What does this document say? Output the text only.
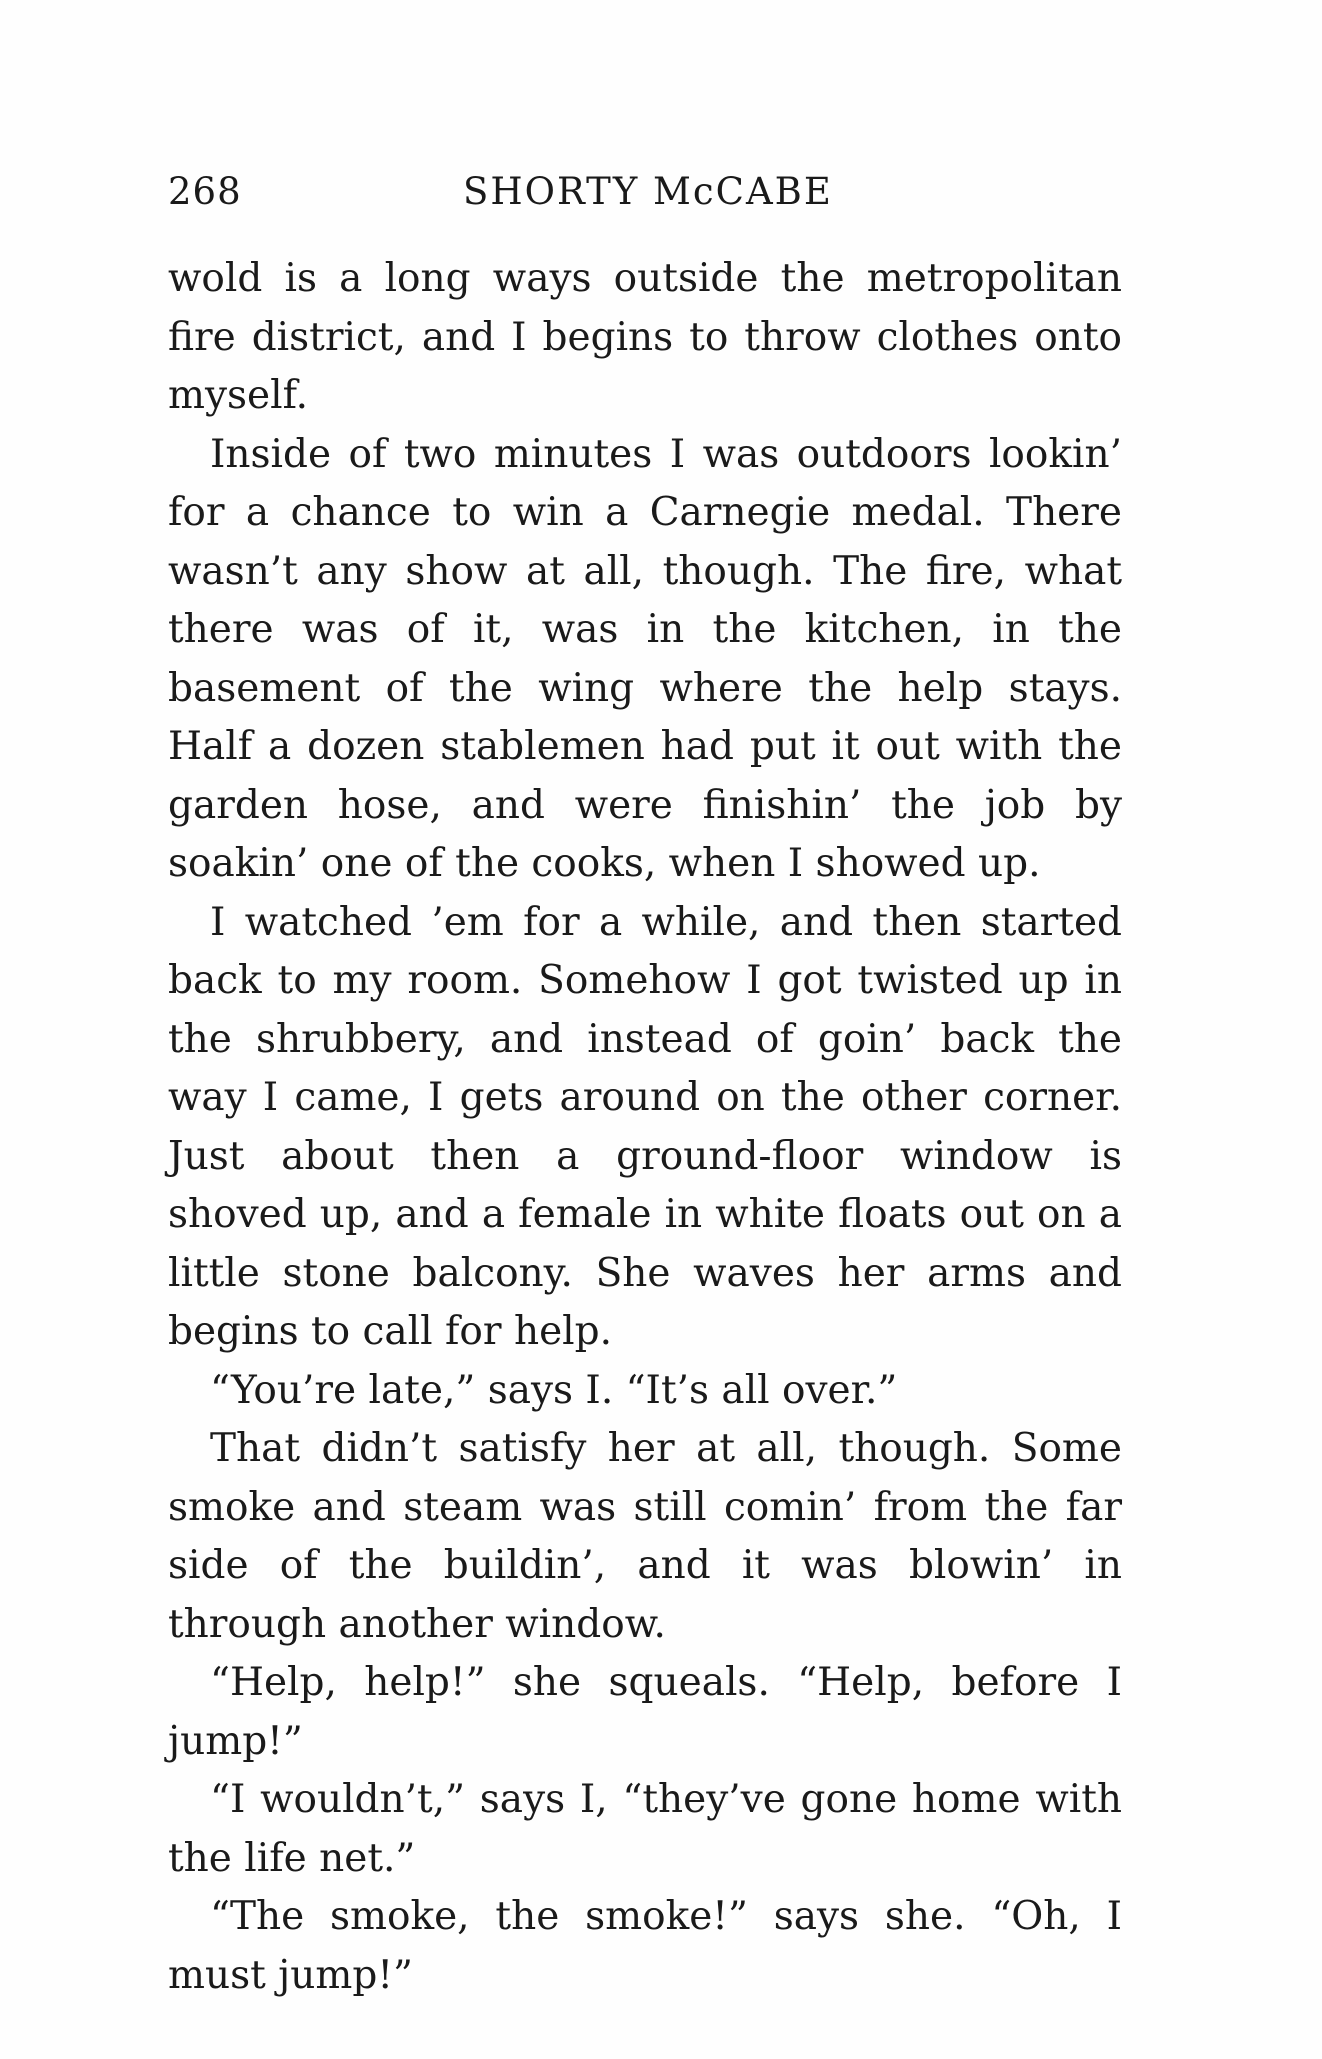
268	SHORTY McCABE

wold is a long ways outside the metropolitan fire district, and I begins to throw clothes onto myself.

Inside of two minutes I was outdoors lookin’ for a chance to win a Carnegie medal. There wasn’t any show at all, though. The fire, what there was of it, was in the kitchen, in the basement of the wing where the help stays. Half a dozen stablemen had put it out with the garden hose, and were finishin’ the job by soakin’ one of the cooks, when I showed up.

I watched ’em for a while, and then started back to my room. Somehow I got twisted up in the shrubbery, and instead of goin’ back the way I came, I gets around on the other corner. Just about then a ground-floor window is shoved up, and a female in white floats out on a little stone balcony. She waves her arms and begins to call for help.

“You’re late,” says I. “It’s all over.”

That didn’t satisfy her at all, though. Some smoke and steam was still comin’ from the far side of the buildin’, and it was blowin’ in through another window.

“Help, help!” she squeals. “Help, before I jump!”

“I wouldn’t,” says I, “they’ve gone home with the life net.”

“The smoke, the smoke!” says she. “Oh, I must jump!”
